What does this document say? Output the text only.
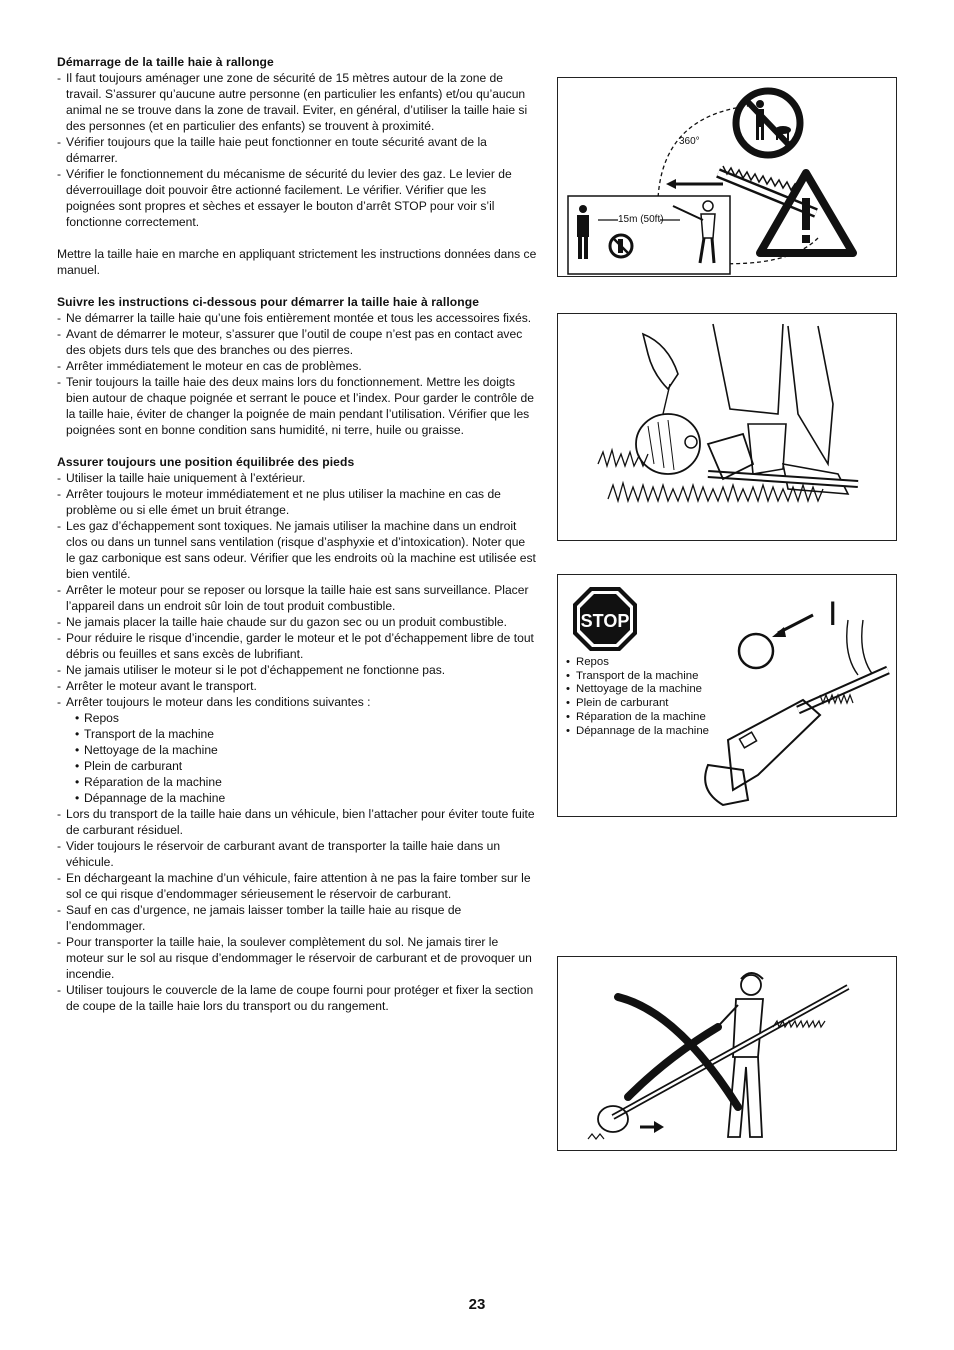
Démarrage de la taille haie à rallonge

- Il faut toujours aménager une zone de sécurité de 15 mètres autour de la zone de travail. S’assurer qu’aucune autre personne (en particulier les enfants) et/ou qu’aucun animal ne se trouve dans la zone de travail. Eviter, en général, d’utiliser la taille haie si des personnes (et en particulier des enfants) se trouvent à proximité.
- Vérifier toujours que la taille haie peut fonctionner en toute sécurité avant de la démarrer.
- Vérifier le fonctionnement du mécanisme de sécurité du levier des gaz. Le levier de déverrouillage doit pouvoir être actionné facilement. Le vérifier. Vérifier que les poignées sont propres et sèches et essayer le bouton d’arrêt STOP pour voir s’il fonctionne correctement.

Mettre la taille haie en marche en appliquant strictement les instructions données dans ce manuel.

Suivre les instructions ci-dessous pour démarrer la taille haie à rallonge

- Ne démarrer la taille haie qu’une fois entièrement montée et tous les accessoires fixés.
- Avant de démarrer le moteur, s’assurer que l’outil de coupe n’est pas en contact avec des objets durs tels que des branches ou des pierres.
- Arrêter immédiatement le moteur en cas de problèmes.
- Tenir toujours la taille haie des deux mains lors du fonctionnement. Mettre les doigts bien autour de chaque poignée et serrant le pouce et l’index. Pour garder le contrôle de la taille haie, éviter de changer la poignée de main pendant l’utilisation. Vérifier que les poignées sont en bonne condition sans humidité, ni terre, huile ou graisse.

Assurer toujours une position équilibrée des pieds

- Utiliser la taille haie uniquement à l’extérieur.
- Arrêter toujours le moteur immédiatement et ne plus utiliser la machine en cas de problème ou si elle émet un bruit étrange.
- Les gaz d’échappement sont toxiques. Ne jamais utiliser la machine dans un endroit clos ou dans un tunnel sans ventilation (risque d’asphyxie et d’intoxication). Noter que le gaz carbonique est sans odeur. Vérifier que les endroits où la machine est utilisée est bien ventilé.
- Arrêter le moteur pour se reposer ou lorsque la taille haie est sans surveillance. Placer l’appareil dans un endroit sûr loin de tout produit combustible.
- Ne jamais placer la taille haie chaude sur du gazon sec ou un produit combustible.
- Pour réduire le risque d’incendie, garder le moteur et le pot d’échappement libre de tout débris ou feuilles et sans excès de lubrifiant.
- Ne jamais utiliser le moteur si le pot d’échappement ne fonctionne pas.
- Arrêter le moteur avant le transport.
- Arrêter toujours le moteur dans les conditions suivantes :
• Repos
• Transport de la machine
• Nettoyage de la machine
• Plein de carburant
• Réparation de la machine
• Dépannage de la machine
- Lors du transport de la taille haie dans un véhicule, bien l’attacher pour éviter toute fuite de carburant résiduel.
- Vider toujours le réservoir de carburant avant de transporter la taille haie dans un véhicule.
- En déchargeant la machine d’un véhicule, faire attention à ne pas la faire tomber sur le sol ce qui risque d’endommager sérieusement le réservoir de carburant.
- Sauf en cas d’urgence, ne jamais laisser tomber la taille haie au risque de l’endommager.
- Pour transporter la taille haie, la soulever complètement du sol. Ne jamais tirer le moteur sur le sol au risque d’endommager le réservoir de carburant et de provoquer un incendie.
- Utiliser toujours le couvercle de la lame de coupe fourni pour protéger et fixer la section de coupe de la taille haie lors du transport ou du rangement.
360°
15m (50ft)
STOP	I
• Repos
• Transport de la machine
• Nettoyage de la machine
• Plein de carburant
• Réparation de la machine
• Dépannage de la machine
23
